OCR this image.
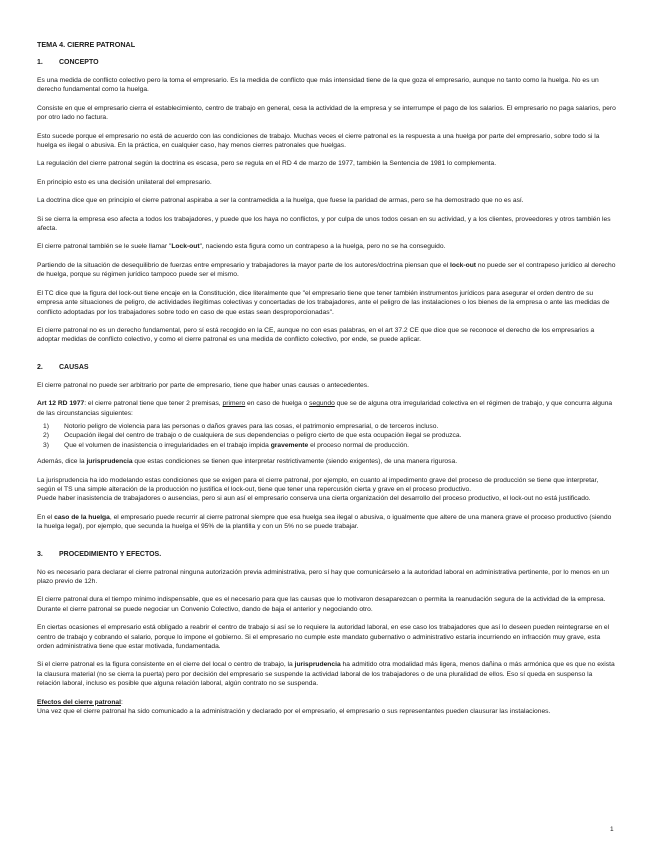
TEMA 4. CIERRE PATRONAL
1.	CONCEPTO

Es una medida de conflicto colectivo pero la toma el empresario. Es la medida de conflicto que más intensidad tiene de la que goza el empresario, aunque no tanto como la huelga. No es un derecho fundamental como la huelga.

Consiste en que el empresario cierra el establecimiento, centro de trabajo en general, cesa la actividad de la empresa y se interrumpe el pago de los salarios. El empresario no paga salarios, pero por otro lado no factura.

Esto sucede porque el empresario no está de acuerdo con las condiciones de trabajo. Muchas veces el cierre patronal es la respuesta a una huelga por parte del empresario, sobre todo si la huelga es ilegal o abusiva. En la práctica, en cualquier caso, hay menos cierres patronales que huelgas.

La regulación del cierre patronal según la doctrina es escasa, pero se regula en el RD 4 de marzo de 1977, también la Sentencia de 1981 lo complementa.

En principio esto es una decisión unilateral del empresario.

La doctrina dice que en principio el cierre patronal aspiraba a ser la contramedida a la huelga, que fuese la paridad de armas, pero se ha demostrado que no es así.

Si se cierra la empresa eso afecta a todos los trabajadores, y puede que los haya no conflictos, y por culpa de unos todos cesan en su actividad, y a los clientes, proveedores y otros también les afecta.

El cierre patronal también se le suele llamar "Lock-out", naciendo esta figura como un contrapeso a la huelga, pero no se ha conseguido.

Partiendo de la situación de desequilibrio de fuerzas entre empresario y trabajadores la mayor parte de los autores/doctrina piensan que el lock-out no puede ser el contrapeso jurídico al derecho de huelga, porque su régimen jurídico tampoco puede ser el mismo.

El TC dice que la figura del lock-out tiene encaje en la Constitución, dice literalmente que "el empresario tiene que tener también instrumentos jurídicos para asegurar el orden dentro de su empresa ante situaciones de peligro, de actividades ilegítimas colectivas y concertadas de los trabajadores, ante el peligro de las instalaciones o los bienes de la empresa o ante las medidas de conflicto adoptadas por los trabajadores sobre todo en caso de que estas sean desproporcionadas".

El cierre patronal no es un derecho fundamental, pero sí está recogido en la CE, aunque no con esas palabras, en el art 37.2 CE que dice que se reconoce el derecho de los empresarios a adoptar medidas de conflicto colectivo, y como el cierre patronal es una medida de conflicto colectivo, por ende, se puede aplicar.

2.	CAUSAS

El cierre patronal no puede ser arbitrario por parte de empresario, tiene que haber unas causas o antecedentes.

Art 12 RD 1977: el cierre patronal tiene que tener 2 premisas, primero en caso de huelga o segundo que se de alguna otra irregularidad colectiva en el régimen de trabajo, y que concurra alguna de las circunstancias siguientes:

1)	Notorio peligro de violencia para las personas o daños graves para las cosas, el patrimonio empresarial, o de terceros incluso.
2)	Ocupación ilegal del centro de trabajo o de cualquiera de sus dependencias o peligro cierto de que esta ocupación ilegal se produzca.
3)	Que el volumen de inasistencia o irregularidades en el trabajo impida gravemente el proceso normal de producción.

Además, dice la jurisprudencia que estas condiciones se tienen que interpretar restrictivamente (siendo exigentes), de una manera rigurosa.

La jurisprudencia ha ido modelando estas condiciones que se exigen para el cierre patronal, por ejemplo, en cuanto al impedimento grave del proceso de producción se tiene que interpretar, según el TS una simple alteración de la producción no justifica el lock-out, tiene que tener una repercusión cierta y grave en el proceso productivo.
Puede haber inasistencia de trabajadores o ausencias, pero si aun así el empresario conserva una cierta organización del desarrollo del proceso productivo, el lock-out no está justificado.

En el caso de la huelga, el empresario puede recurrir al cierre patronal siempre que esa huelga sea ilegal o abusiva, o igualmente que altere de una manera grave el proceso productivo (siendo la huelga legal), por ejemplo, que secunda la huelga el 95% de la plantilla y con un 5% no se puede trabajar.

3.	PROCEDIMIENTO Y EFECTOS.

No es necesario para declarar el cierre patronal ninguna autorización previa administrativa, pero sí hay que comunicárselo a la autoridad laboral en administrativa pertinente, por lo menos en un plazo previo de 12h.

El cierre patronal dura el tiempo mínimo indispensable, que es el necesario para que las causas que lo motivaron desaparezcan o permita la reanudación segura de la actividad de la empresa. Durante el cierre patronal se puede negociar un Convenio Colectivo, dando de baja el anterior y negociando otro.

En ciertas ocasiones el empresario está obligado a reabrir el centro de trabajo si así se lo requiere la autoridad laboral, en ese caso los trabajadores que así lo deseen pueden reintegrarse en el centro de trabajo y cobrando el salario, porque lo impone el gobierno. Si el empresario no cumple este mandato gubernativo o administrativo estaría incurriendo en infracción muy grave, esta orden administrativa tiene que estar motivada, fundamentada.

Si el cierre patronal es la figura consistente en el cierre del local o centro de trabajo, la jurisprudencia ha admitido otra modalidad más ligera, menos dañina o más armónica que es que no exista la clausura material (no se cierra la puerta) pero por decisión del empresario se suspende la actividad laboral de los trabajadores o de una pluralidad de ellos. Eso sí queda en suspenso la relación laboral, incluso es posible que alguna relación laboral, algún contrato no se suspenda.

Efectos del cierre patronal:
Una vez que el cierre patronal ha sido comunicado a la administración y declarado por el empresario, el empresario o sus representantes pueden clausurar las instalaciones.

1
